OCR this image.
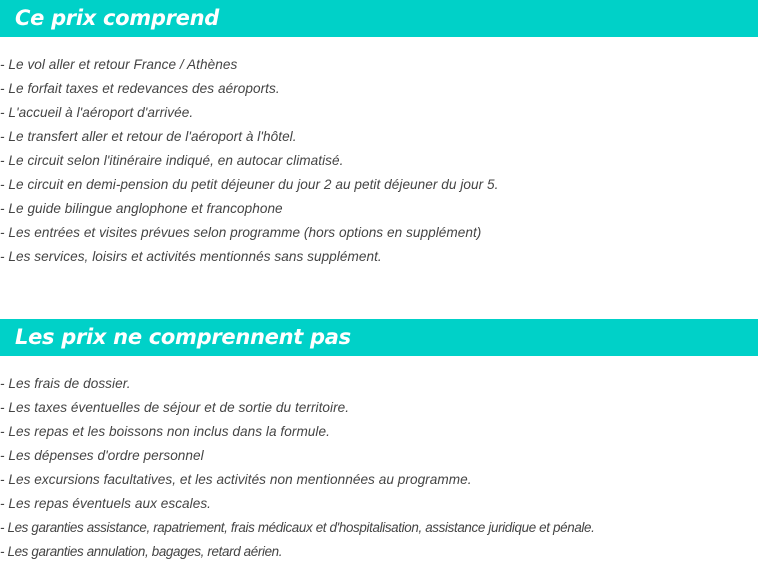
Ce prix comprend
- Le vol aller et retour France / Athènes
- Le forfait taxes et redevances des aéroports.
- L'accueil à l'aéroport d'arrivée.
- Le transfert aller et retour de l'aéroport à l'hôtel.
- Le circuit selon l'itinéraire indiqué, en autocar climatisé.
- Le circuit en demi-pension du petit déjeuner du jour 2 au petit déjeuner du jour 5.
- Le guide bilingue anglophone et francophone
- Les entrées et visites prévues selon programme (hors options en supplément)
- Les services, loisirs et activités mentionnés sans supplément.
Les prix ne comprennent pas
- Les frais de dossier.
- Les taxes éventuelles de séjour et de sortie du territoire.
- Les repas et les boissons non inclus dans la formule.
- Les dépenses d'ordre personnel
- Les excursions facultatives, et les activités non mentionnées au programme.
- Les repas éventuels aux escales.
- Les garanties assistance, rapatriement, frais médicaux et d'hospitalisation, assistance juridique et pénale.
- Les garanties annulation, bagages, retard aérien.
